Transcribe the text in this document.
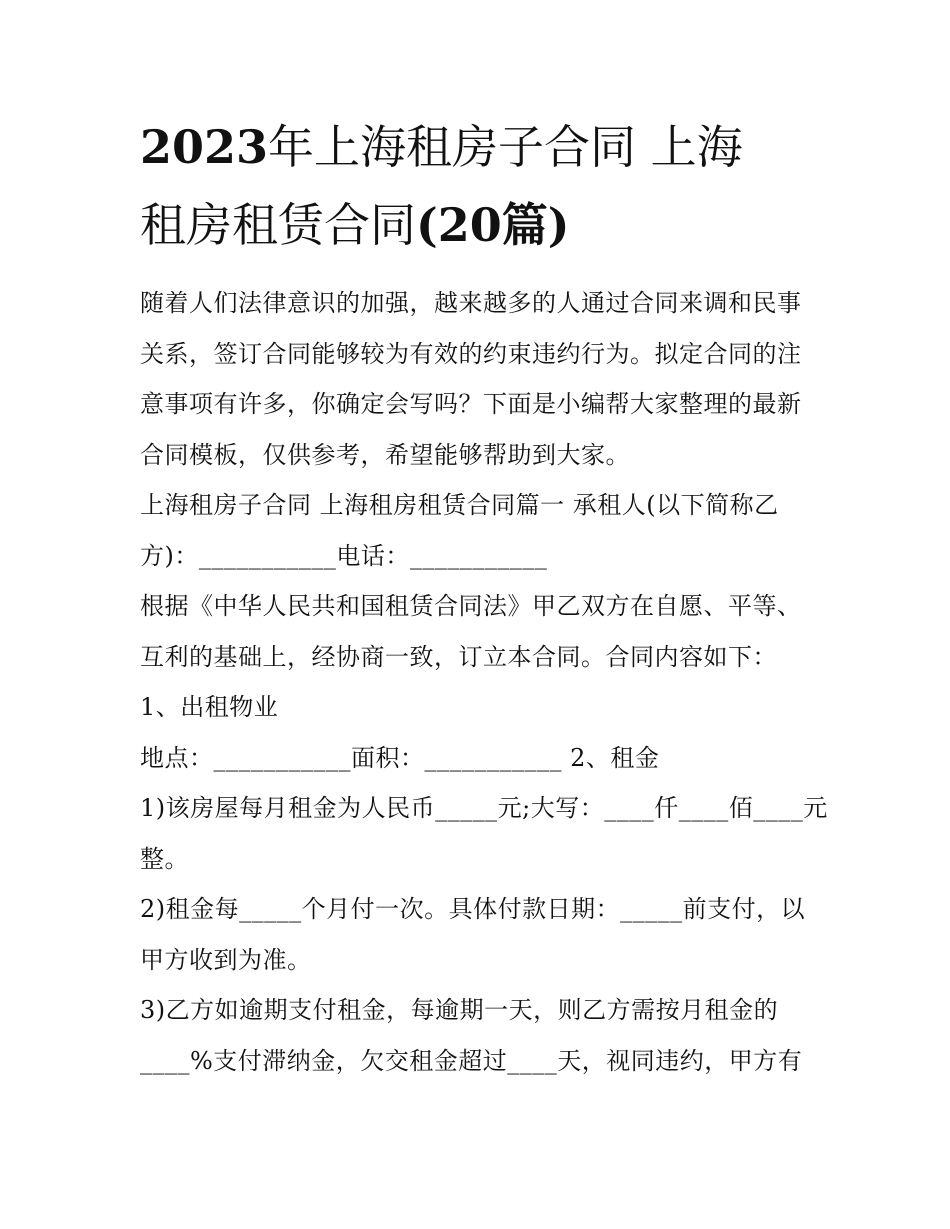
2023年上海租房子合同 上海
租房租赁合同(20篇)

随着人们法律意识的加强，越来越多的人通过合同来调和民事
关系，签订合同能够较为有效的约束违约行为。拟定合同的注
意事项有许多，你确定会写吗？下面是小编帮大家整理的最新
合同模板，仅供参考，希望能够帮助到大家。

上海租房子合同 上海租房租赁合同篇一 承租人(以下简称乙
方)：___________电话：___________

根据《中华人民共和国租赁合同法》甲乙双方在自愿、平等、
互利的基础上，经协商一致，订立本合同。合同内容如下：

1、出租物业

地点：___________面积：___________ 2、租金

1)该房屋每月租金为人民币_____元;大写：____仟____佰____元
整。

2)租金每_____个月付一次。具体付款日期：_____前支付，以
甲方收到为准。

3)乙方如逾期支付租金，每逾期一天，则乙方需按月租金的
____%支付滞纳金，欠交租金超过____天，视同违约，甲方有
